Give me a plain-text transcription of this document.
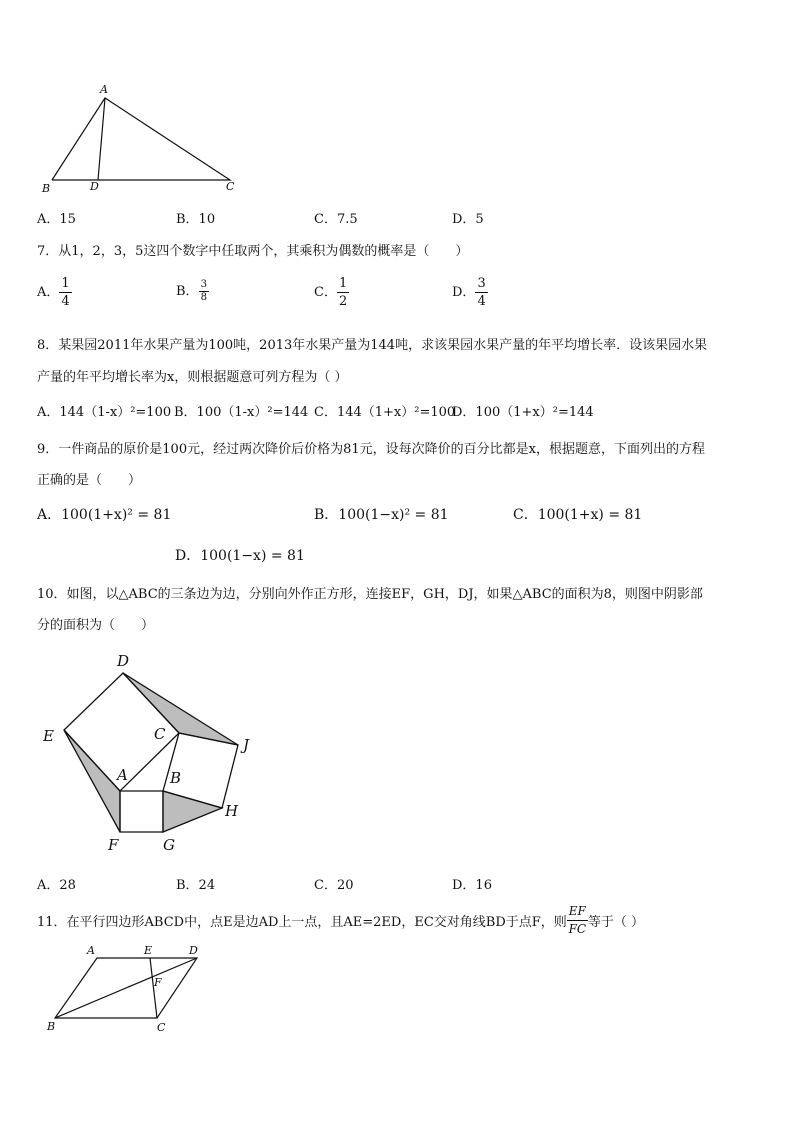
A
B	D	C
A．15	B．10	C．7.5	D．5
7．从1，2，3，5这四个数字中任取两个，其乘积为偶数的概率是（　　）
A． $\frac{1}{4}$	B． $\frac{3}{8}$	C． $\frac{1}{2}$	D． $\frac{3}{4}$
8．某果园2011年水果产量为100吨，2013年水果产量为144吨，求该果园水果产量的年平均增长率．设该果园水果
产量的年平均增长率为x，则根据题意可列方程为（ ）
A．144（1-x）²=100 B．100（1-x）²=144 C．144（1+x）²=100
D．100（1+x）²=144
9．一件商品的原价是100元，经过两次降价后价格为81元，设每次降价的百分比都是x，根据题意，下面列出的方程
正确的是（　　）
A．100(1+x)² = 81	B．100(1−x)² = 81	C．100(1+x) = 81
D．100(1−x) = 81
10．如图，以△ABC的三条边为边，分别向外作正方形，连接EF，GH，DJ，如果△ABC的面积为8，则图中阴影部
分的面积为（　　）
D
E	C
J
A	B
H
F	G
A．28	B．24	C．20	D．16
11．在平行四边形ABCD中，点E是边AD上一点，且AE=2ED，EC交对角线BD于点F，则 $\frac{EF}{FC}$ 等于（ ）
A	E	D
F
B	C
